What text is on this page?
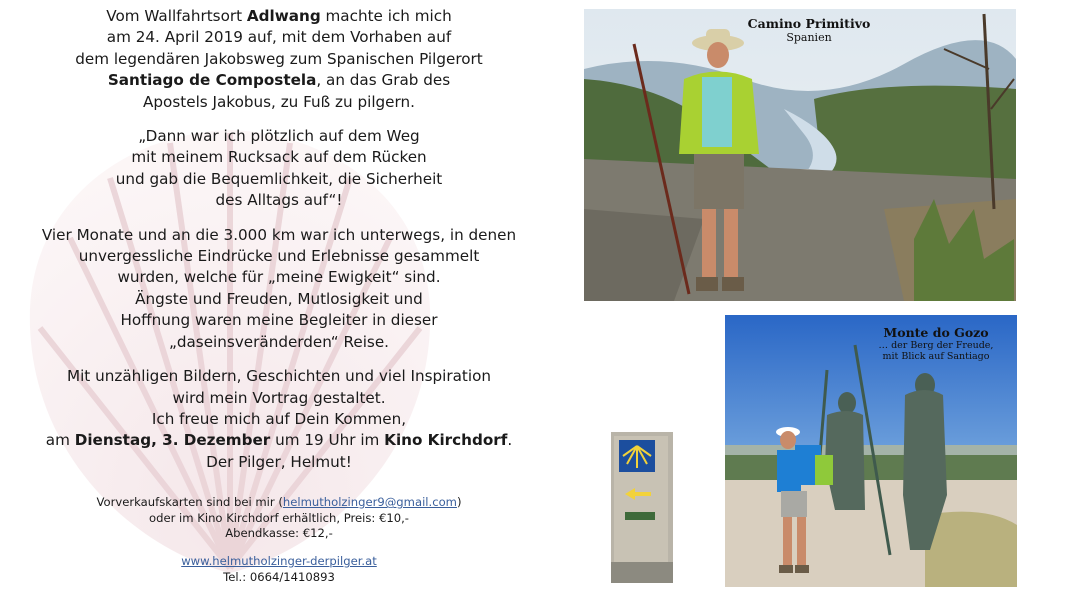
Vom Wallfahrtsort Adlwang machte ich mich
am 24. April 2019 auf, mit dem Vorhaben auf
dem legendären Jakobsweg zum Spanischen Pilgerort
Santiago de Compostela, an das Grab des
Apostels Jakobus, zu Fuß zu pilgern.

„Dann war ich plötzlich auf dem Weg
mit meinem Rucksack auf dem Rücken
und gab die Bequemlichkeit, die Sicherheit
des Alltags auf“!

Vier Monate und an die 3.000 km war ich unterwegs, in denen
unvergessliche Eindrücke und Erlebnisse gesammelt
wurden, welche für „meine Ewigkeit“ sind.
Ängste und Freuden, Mutlosigkeit und
Hoffnung waren meine Begleiter in dieser
„daseinsveränderden“ Reise.

Mit unzähligen Bildern, Geschichten und viel Inspiration
wird mein Vortrag gestaltet.
Ich freue mich auf Dein Kommen,
am Dienstag, 3. Dezember um 19 Uhr im Kino Kirchdorf.
Der Pilger, Helmut!

Vorverkaufskarten sind bei mir (helmutholzinger9@gmail.com)
oder im Kino Kirchdorf erhältlich, Preis: €10,-
Abendkasse: €12,-

www.helmutholzinger-derpilger.at
Tel.: 0664/1410893

Camino Primitivo
Spanien
Monte do Gozo
… der Berg der Freude,
mit Blick auf Santiago
